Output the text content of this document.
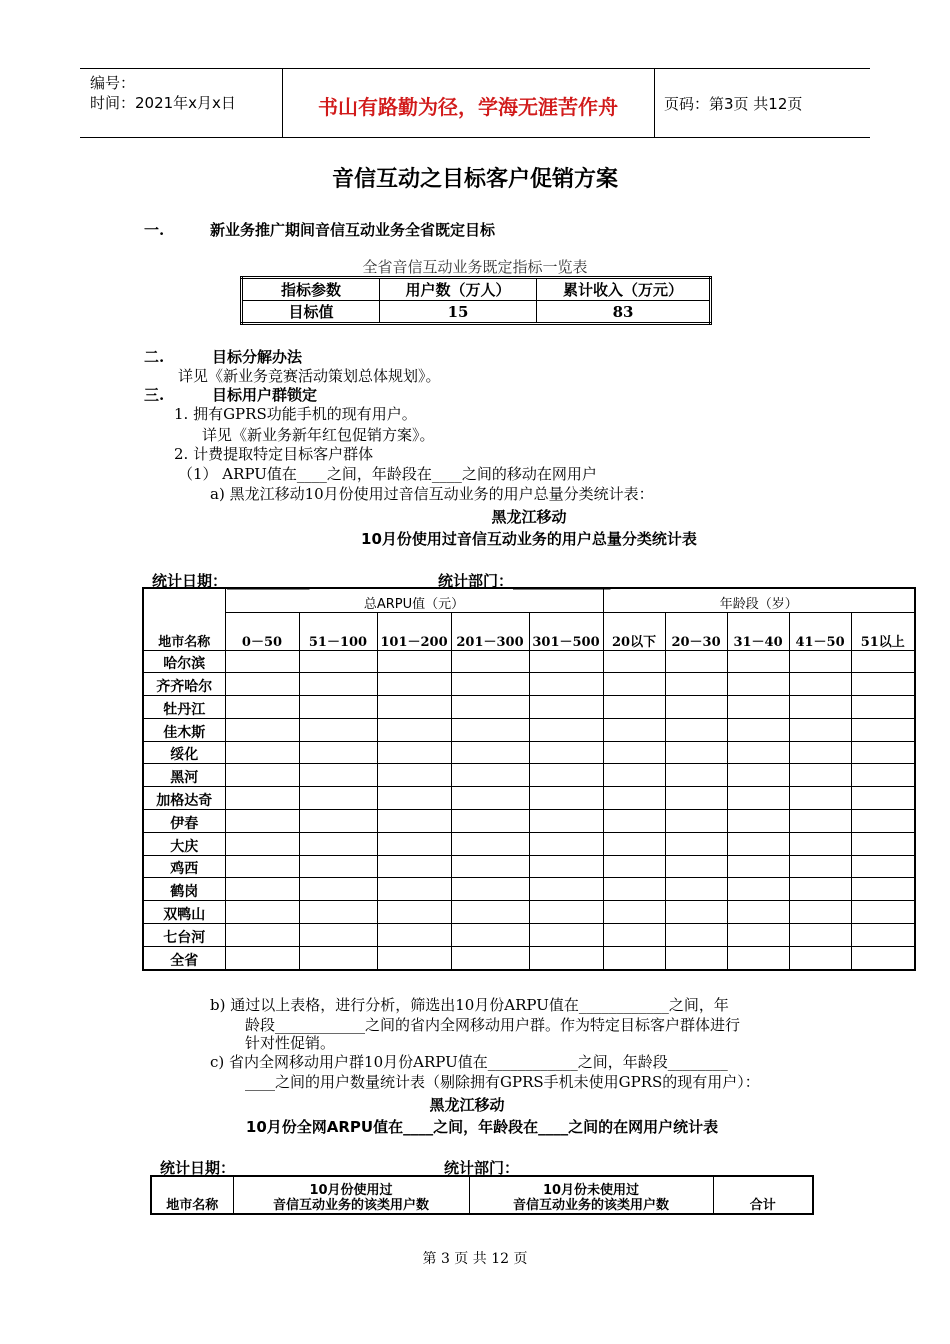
编号：
时间：2021年x月x日	书山有路勤为径，学海无涯苦作舟	页码：第3页 共12页
音信互动之目标客户促销方案
一.	新业务推广期间音信互动业务全省既定目标
全省音信互动业务既定指标一览表
指标参数	用户数（万人）	累计收入（万元）
目标值	15	83
二.	目标分解办法
详见《新业务竞赛活动策划总体规划》。
三.	目标用户群锁定
1. 拥有GPRS功能手机的现有用户。
详见《新业务新年红包促销方案》。
2. 计费提取特定目标客户群体
（1） ARPU值在____之间，年龄段在____之间的移动在网用户
a) 黑龙江移动10月份使用过音信互动业务的用户总量分类统计表：
黑龙江移动
10月份使用过音信互动业务的用户总量分类统计表
统计日期：___________	统计部门：_____________
地市名称	总ARPU值（元）					年龄段（岁）				
	0－50	51－100	101－200	201－300	301－500	20以下	20－30	31－40	41－50	51以上
哈尔滨										
齐齐哈尔										
牡丹江										
佳木斯										
绥化										
黑河										
加格达奇										
伊春										
大庆										
鸡西										
鹤岗										
双鸭山										
七台河										
全省										
b) 通过以上表格，进行分析，筛选出10月份ARPU值在____________之间，年
龄段____________之间的省内全网移动用户群。作为特定目标客户群体进行
针对性促销。
c) 省内全网移动用户群10月份ARPU值在____________之间，年龄段________
____之间的用户数量统计表（剔除拥有GPRS手机未使用GPRS的现有用户）：
黑龙江移动
10月份全网ARPU值在____之间，年龄段在____之间的在网用户统计表
统计日期：___________	统计部门：_____________
地市名称	10月份使用过
音信互动业务的该类用户数	10月份未使用过
音信互动业务的该类用户数	合计
第 3 页 共 12 页
